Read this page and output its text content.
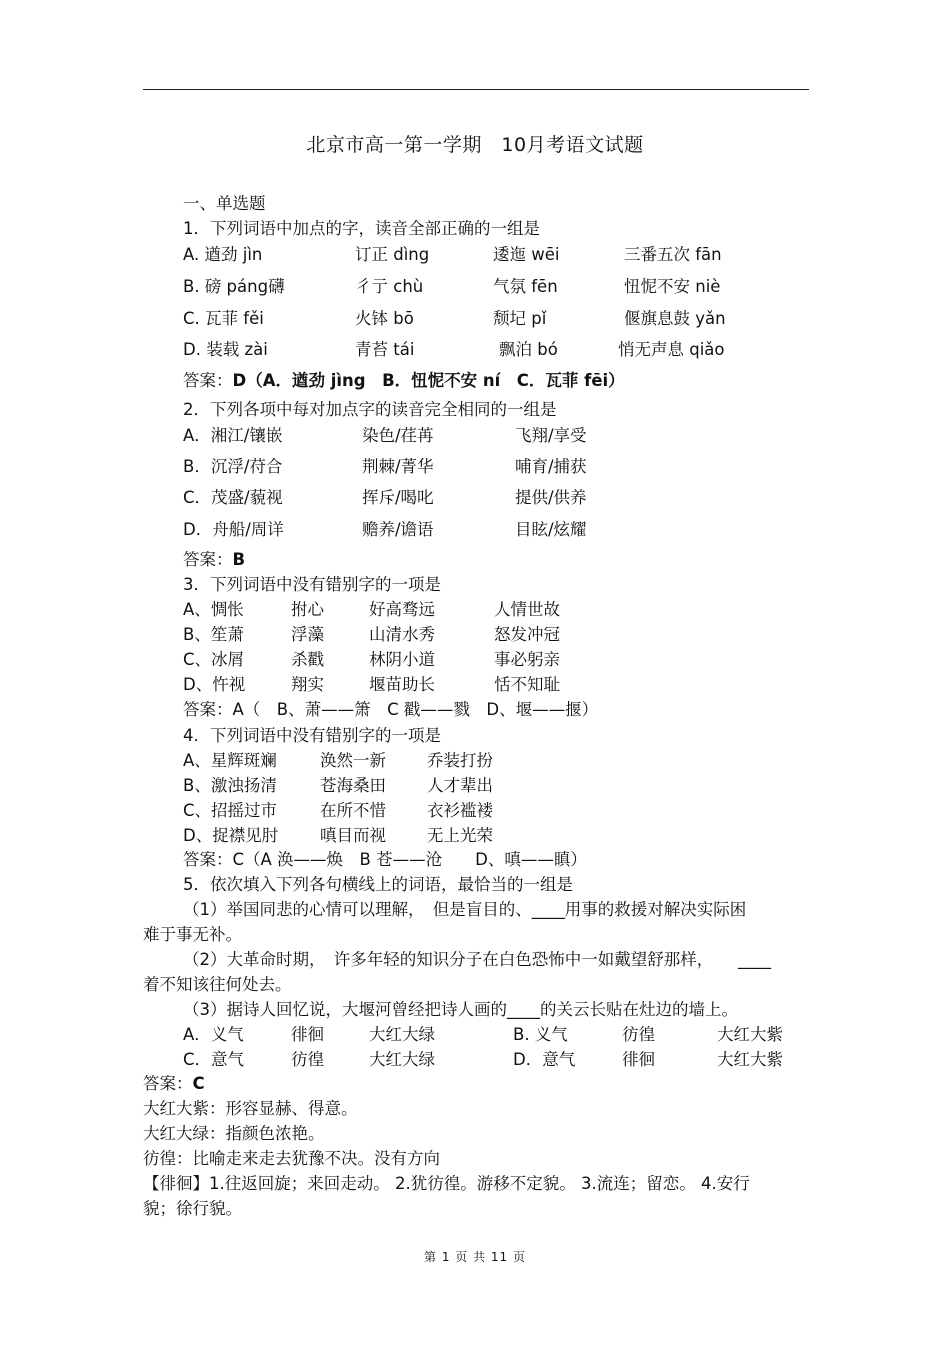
北京市高一第一学期　10月考语文试题
一、单选题
1．下列词语中加点的字，读音全部正确的一组是
A. 遒劲 jìn	订正 dìng	逶迤 wēi	三番五次 fān
B. 磅 páng礴	彳亍 chù	气氛 fēn	忸怩不安 niè
C. 瓦菲 fěi	火钵 bō	颓圮 pǐ	偃旗息鼓 yǎn
D. 装载 zài	青苔 tái	飘泊 bó	悄无声息 qiǎo
答案：D（A．遒劲 jìng　B．忸怩不安 ní　C．瓦菲 fēi）
2．下列各项中每对加点字的读音完全相同的一组是
A．湘江/镶嵌	染色/荏苒	飞翔/享受
B．沉浮/苻合	荆棘/菁华	哺育/捕获
C．茂盛/藐视	挥斥/喝叱	提供/供养
D．舟船/周详	赡养/谵语	目眩/炫耀
答案：B
3．下列词语中没有错别字的一项是
A、惆怅	拊心	好高骛远	人情世故
B、笙萧	浮藻	山清水秀	怒发冲冠
C、冰屑	杀戳	林阴小道	事必躬亲
D、忤视	翔实	堰苗助长	恬不知耻
答案：A（　B、萧——箫　C 戳——戮　D、堰——揠）
4．下列词语中没有错别字的一项是
A、星辉斑斓	涣然一新 乔装打扮
B、激浊扬清	苍海桑田 人才辈出
C、招摇过市	在所不惜 衣衫褴褛
D、捉襟见肘	嗔目而视 无上光荣
答案：C（A 涣——焕　B 苍——沧　　D、嗔——瞋）
5．依次填入下列各句横线上的词语，最恰当的一组是
（1）举国同悲的心情可以理解，　但是盲目的、____用事的救援对解决实际困
难于事无补。
（2）大革命时期，　许多年轻的知识分子在白色恐怖中一如戴望舒那样，　　____
着不知该往何处去。
（3）据诗人回忆说，大堰河曾经把诗人画的____的关云长贴在灶边的墙上。
A．义气	徘徊	大红大绿	B. 义气	彷徨	大红大紫
C．意气	彷徨	大红大绿	D．意气	徘徊	大红大紫
答案：C
大红大紫：形容显赫、得意。
大红大绿：指颜色浓艳。
彷徨：比喻走来走去犹豫不决。没有方向
【徘徊】1.往返回旋；来回走动。 2.犹彷徨。游移不定貌。 3.流连；留恋。 4.安行
貌；徐行貌。
第 1 页 共 11 页
